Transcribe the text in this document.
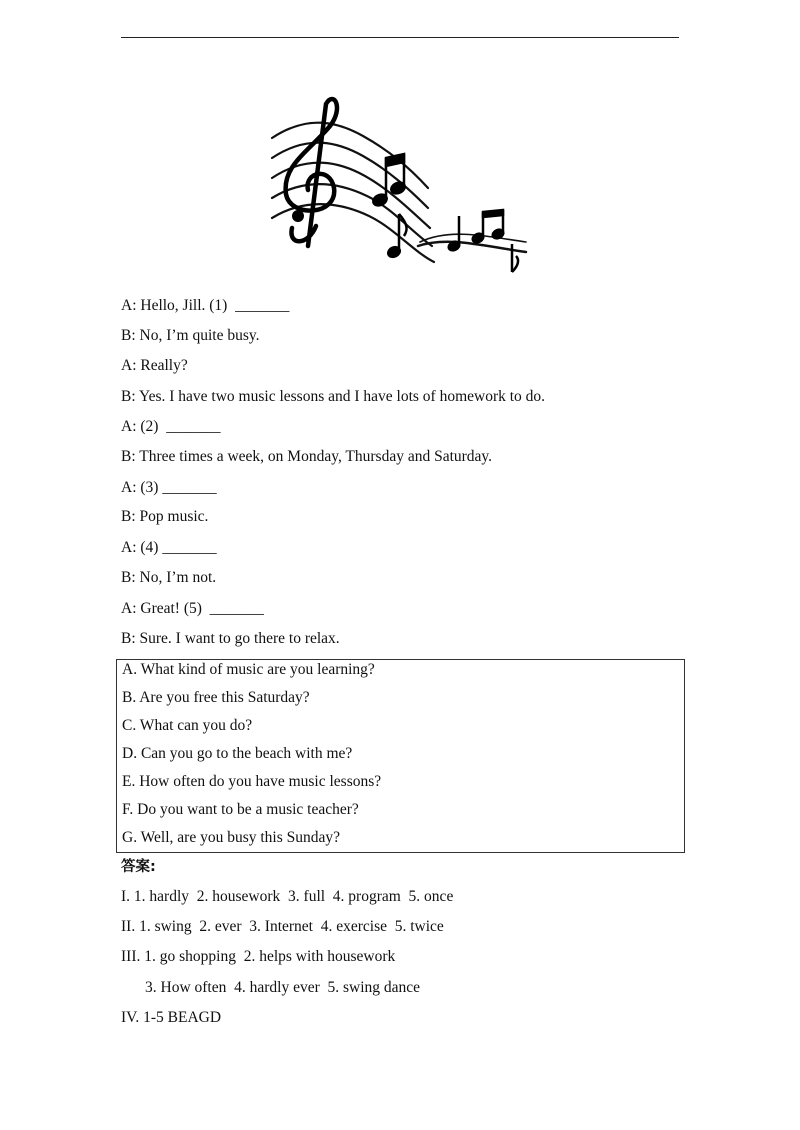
A: Hello, Jill. (1)  _______
B: No, I’m quite busy.
A: Really?
B: Yes. I have two music lessons and I have lots of homework to do.
A: (2)  _______
B: Three times a week, on Monday, Thursday and Saturday.
A: (3) _______
B: Pop music.
A: (4) _______
B: No, I’m not.
A: Great! (5)  _______
B: Sure. I want to go there to relax.
A. What kind of music are you learning?
B. Are you free this Saturday?
C. What can you do?
D. Can you go to the beach with me?
E. How often do you have music lessons?
F. Do you want to be a music teacher?
G. Well, are you busy this Sunday?
答案:
I. 1. hardly  2. housework  3. full  4. program  5. once
II. 1. swing  2. ever  3. Internet  4. exercise  5. twice
III. 1. go shopping  2. helps with housework
3. How often  4. hardly ever  5. swing dance
IV. 1-5 BEAGD
